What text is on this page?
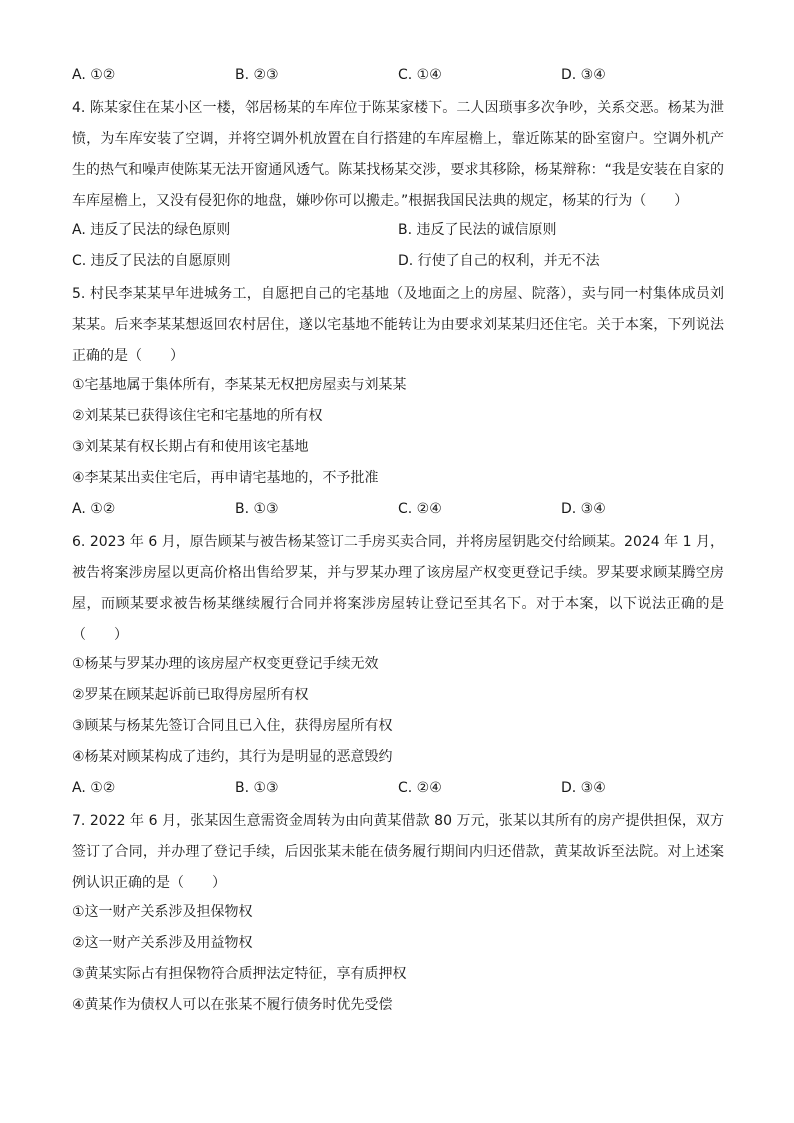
A. ①②	B. ②③	C. ①④	D. ③④
4. 陈某家住在某小区一楼，邻居杨某的车库位于陈某家楼下。二人因琐事多次争吵，关系交恶。杨某为泄愤，为车库安装了空调，并将空调外机放置在自行搭建的车库屋檐上，靠近陈某的卧室窗户。空调外机产生的热气和噪声使陈某无法开窗通风透气。陈某找杨某交涉，要求其移除，杨某辩称：“我是安装在自家的车库屋檐上，又没有侵犯你的地盘，嫌吵你可以搬走。”根据我国民法典的规定，杨某的行为（　　）
A. 违反了民法的绿色原则	B. 违反了民法的诚信原则
C. 违反了民法的自愿原则	D. 行使了自己的权利，并无不法
5. 村民李某某早年进城务工，自愿把自己的宅基地（及地面之上的房屋、院落），卖与同一村集体成员刘某某。后来李某某想返回农村居住，遂以宅基地不能转让为由要求刘某某归还住宅。关于本案，下列说法正确的是（　　）
①宅基地属于集体所有，李某某无权把房屋卖与刘某某
②刘某某已获得该住宅和宅基地的所有权
③刘某某有权长期占有和使用该宅基地
④李某某出卖住宅后，再申请宅基地的，不予批准
A. ①②	B. ①③	C. ②④	D. ③④
6. 2023 年 6 月，原告顾某与被告杨某签订二手房买卖合同，并将房屋钥匙交付给顾某。2024 年 1 月，被告将案涉房屋以更高价格出售给罗某，并与罗某办理了该房屋产权变更登记手续。罗某要求顾某腾空房屋，而顾某要求被告杨某继续履行合同并将案涉房屋转让登记至其名下。对于本案，以下说法正确的是（　　）
①杨某与罗某办理的该房屋产权变更登记手续无效
②罗某在顾某起诉前已取得房屋所有权
③顾某与杨某先签订合同且已入住，获得房屋所有权
④杨某对顾某构成了违约，其行为是明显的恶意毁约
A. ①②	B. ①③	C. ②④	D. ③④
7. 2022 年 6 月，张某因生意需资金周转为由向黄某借款 80 万元，张某以其所有的房产提供担保，双方签订了合同，并办理了登记手续，后因张某未能在债务履行期间内归还借款，黄某故诉至法院。对上述案例认识正确的是（　　）
①这一财产关系涉及担保物权
②这一财产关系涉及用益物权
③黄某实际占有担保物符合质押法定特征，享有质押权
④黄某作为债权人可以在张某不履行债务时优先受偿
